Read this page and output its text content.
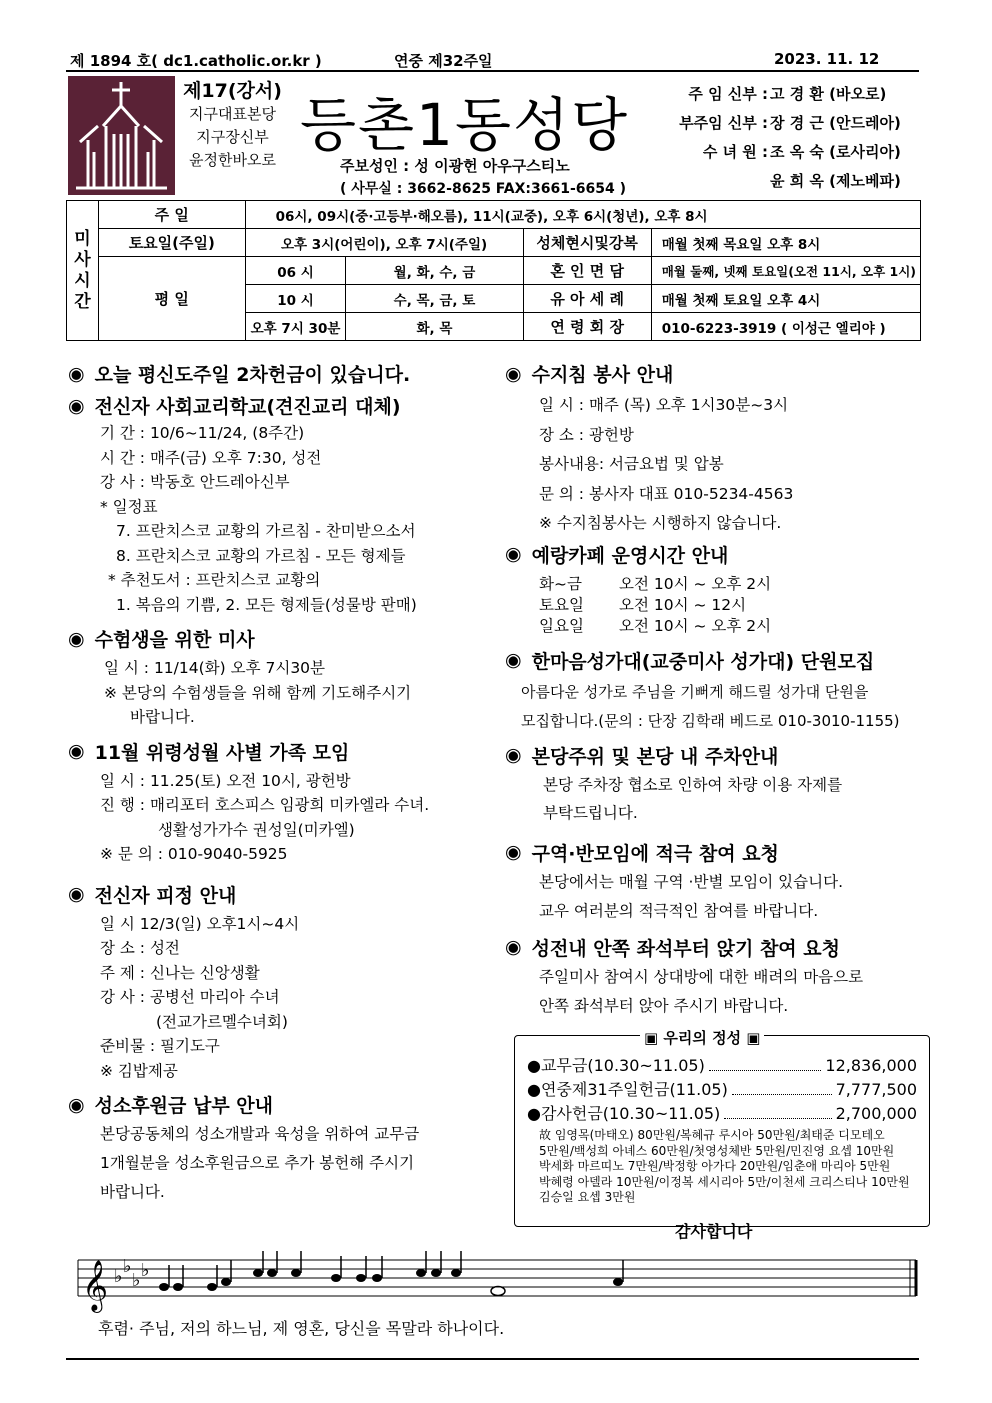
제 1894 호( dc1.catholic.or.kr )	연중 제32주일	2023. 11. 12
제17(강서)
지구대표본당
지구장신부
윤정한바오로
등촌1동성당
주보성인 : 성 이광헌 아우구스티노
( 사무실 : 3662-8625 FAX:3661-6654 )
주 임 신부 : 고 경 환 (바오로)
부주임 신부 : 장 경 근 (안드레아)
수 녀 원 : 조 옥 숙 (로사리아)
윤 희 옥 (제노베파)
미사시간	주 일	06시, 09시(중·고등부·해오름), 11시(교중), 오후 6시(청년), 오후 8시			
	토요일(주일)	오후 3시(어린이), 오후 7시(주일)		성체현시및강복	매월 첫째 목요일 오후 8시
	평 일	06 시	월, 화, 수, 금	혼 인 면 담	매월 둘째, 넷째 토요일(오전 11시, 오후 1시)
		10 시	수, 목, 금, 토	유 아 세 례	매월 첫째 토요일 오후 4시
		오후 7시 30분	화, 목	연 령 회 장	010-6223-3919 ( 이성근 엘리야 )
◉ 오늘 평신도주일 2차헌금이 있습니다.
◉ 전신자 사회교리학교(견진교리 대체)
기 간 : 10/6~11/24, (8주간)
시 간 : 매주(금) 오후 7:30, 성전
강 사 : 박동호 안드레아신부
* 일정표
7. 프란치스코 교황의 가르침 - 찬미받으소서
8. 프란치스코 교황의 가르침 - 모든 형제들
* 추천도서 : 프란치스코 교황의
1. 복음의 기쁨, 2. 모든 형제들(성물방 판매)
◉ 수험생을 위한 미사
일 시 : 11/14(화) 오후 7시30분
※ 본당의 수험생들을 위해 함께 기도해주시기
바랍니다.
◉ 11월 위령성월 사별 가족 모임
일 시 : 11.25(토) 오전 10시, 광헌방
진 행 : 매리포터 호스피스 임광희 미카엘라 수녀.
생활성가가수 권성일(미카엘)
※ 문 의 : 010-9040-5925
◉ 전신자 피정 안내
일 시 12/3(일) 오후1시~4시
장 소 : 성전
주 제 : 신나는 신앙생활
강 사 : 공병선 마리아 수녀
(전교가르멜수녀회)
준비물 : 필기도구
※ 김밥제공
◉ 성소후원금 납부 안내
본당공동체의 성소개발과 육성을 위하여 교무금
1개월분을 성소후원금으로 추가 봉헌해 주시기
바랍니다.
◉ 수지침 봉사 안내
일 시 : 매주 (목) 오후 1시30분~3시
장 소 : 광헌방
봉사내용: 서금요법 및 압봉
문 의 : 봉사자 대표 010-5234-4563
※ 수지침봉사는 시행하지 않습니다.
◉ 예랑카페 운영시간 안내
화~금	오전 10시 ~ 오후 2시
토요일	오전 10시 ~ 12시
일요일	오전 10시 ~ 오후 2시
◉ 한마음성가대(교중미사 성가대) 단원모집
아름다운 성가로 주님을 기뻐게 해드릴 성가대 단원을
모집합니다.(문의 : 단장 김학래 베드로 010-3010-1155)
◉ 본당주위 및 본당 내 주차안내
본당 주차장 협소로 인하여 차량 이용 자제를
부탁드립니다.
◉ 구역·반모임에 적극 참여 요청
본당에서는 매월 구역 ·반별 모임이 있습니다.
교우 여러분의 적극적인 참여를 바랍니다.
◉ 성전내 안쪽 좌석부터 앉기 참여 요청
주일미사 참여시 상대방에 대한 배려의 마음으로
안쪽 좌석부터 앉아 주시기 바랍니다.
● 교무금(10.30~11.05)	12,836,000
● 연중제31주일헌금(11.05)	7,777,500
● 감사헌금(10.30~11.05)	2,700,000
故 임영목(마태오) 80만원/복혜규 루시아 50만원/최태준 디모테오
5만원/백성희 아녜스 60만원/첫영성체반 5만원/민진영 요셉 10만원
박세화 마르띠노 7만원/박정항 아가다 20만원/임춘애 마리아 5만원
박혜령 아델라 10만원/이정복 세시리아 5만/이천세 크리스티나 10만원
김승일 요셉 3만원
▣ 우리의 정성 ▣
감사합니다
𝄞 ♭ ♭
♭ ♭
후렴· 주님, 저의 하느님, 제 영혼, 당신을 목말라 하나이다.
